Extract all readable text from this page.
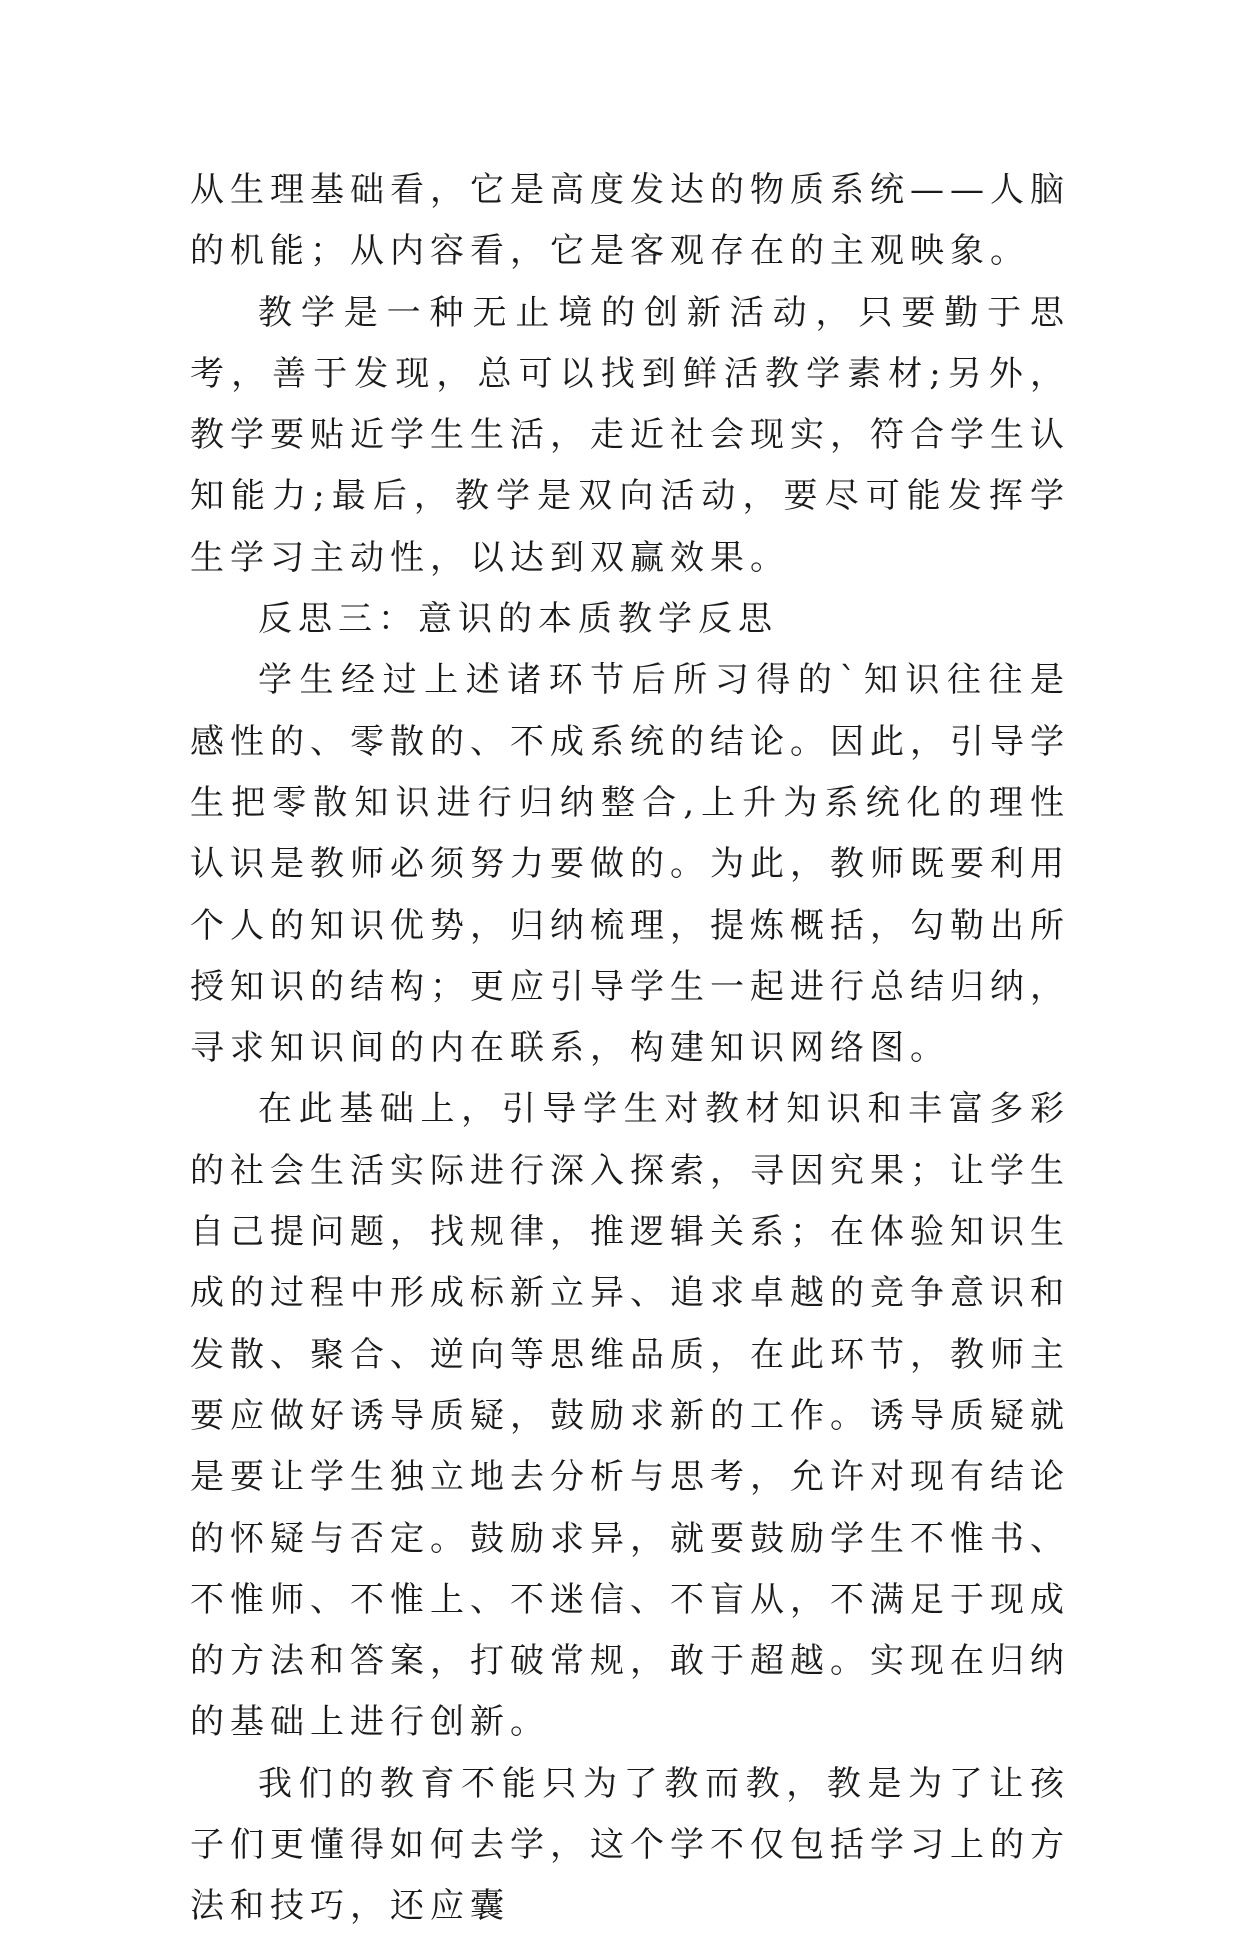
从生理基础看，它是高度发达的物质系统——人脑的机能；从内容看，它是客观存在的主观映象。

教学是一种无止境的创新活动，只要勤于思考，善于发现，总可以找到鲜活教学素材;另外，教学要贴近学生生活，走近社会现实，符合学生认知能力;最后，教学是双向活动，要尽可能发挥学生学习主动性，以达到双赢效果。

反思三：意识的本质教学反思

学生经过上述诸环节后所习得的`知识往往是感性的、零散的、不成系统的结论。因此，引导学生把零散知识进行归纳整合,上升为系统化的理性认识是教师必须努力要做的。为此，教师既要利用个人的知识优势，归纳梳理，提炼概括，勾勒出所授知识的结构；更应引导学生一起进行总结归纳，寻求知识间的内在联系，构建知识网络图。

在此基础上，引导学生对教材知识和丰富多彩的社会生活实际进行深入探索，寻因究果；让学生自己提问题，找规律，推逻辑关系；在体验知识生成的过程中形成标新立异、追求卓越的竞争意识和发散、聚合、逆向等思维品质，在此环节，教师主要应做好诱导质疑，鼓励求新的工作。诱导质疑就是要让学生独立地去分析与思考，允许对现有结论的怀疑与否定。鼓励求异，就要鼓励学生不惟书、不惟师、不惟上、不迷信、不盲从，不满足于现成的方法和答案，打破常规，敢于超越。实现在归纳的基础上进行创新。

我们的教育不能只为了教而教，教是为了让孩子们更懂得如何去学，这个学不仅包括学习上的方法和技巧，还应囊
